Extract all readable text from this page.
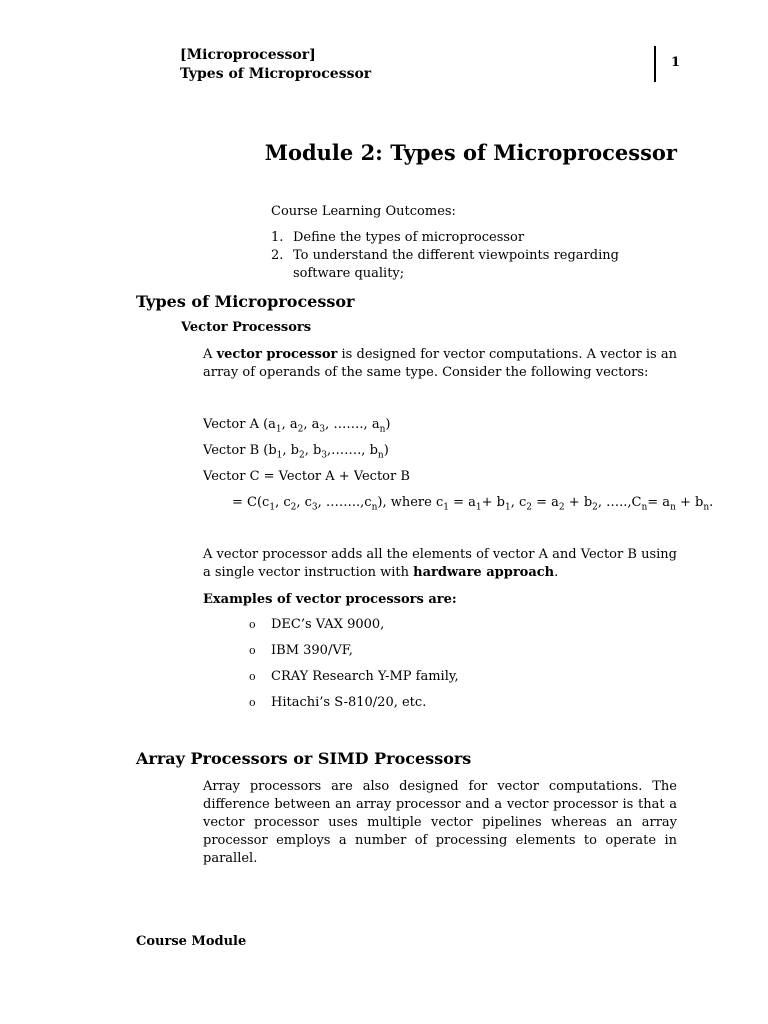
[Microprocessor]
Types of Microprocessor
1
Module 2: Types of Microprocessor
Course Learning Outcomes:
1. Define the types of microprocessor
2. To understand the different viewpoints regarding software quality;
Types of Microprocessor
Vector Processors
A vector processor is designed for vector computations. A vector is an array of operands of the same type. Consider the following vectors:
Vector A ($a_1$, $a_2$, $a_3$, ……., $a_n$)
Vector B ($b_1$, $b_2$, $b_3,\dots\dots$., $b_n$)
Vector C = Vector A + Vector B
= $C(c_1$, $c_2$, $c_3$, $\dots\dots..,c_n$), where $c_1 = a_1+ b_1$, $c_2 = a_2 + b_2$, $\dots..,C_n= a_n + b_n$.
A vector processor adds all the elements of vector A and Vector B using a single vector instruction with hardware approach.
Examples of vector processors are:
o DEC’s VAX 9000,
o IBM 390/VF,
o CRAY Research Y-MP family,
o Hitachi’s S-810/20, etc.
Array Processors or SIMD Processors
Array processors are also designed for vector computations. The difference between an array processor and a vector processor is that a vector processor uses multiple vector pipelines whereas an array processor employs a number of processing elements to operate in parallel.
Course Module
